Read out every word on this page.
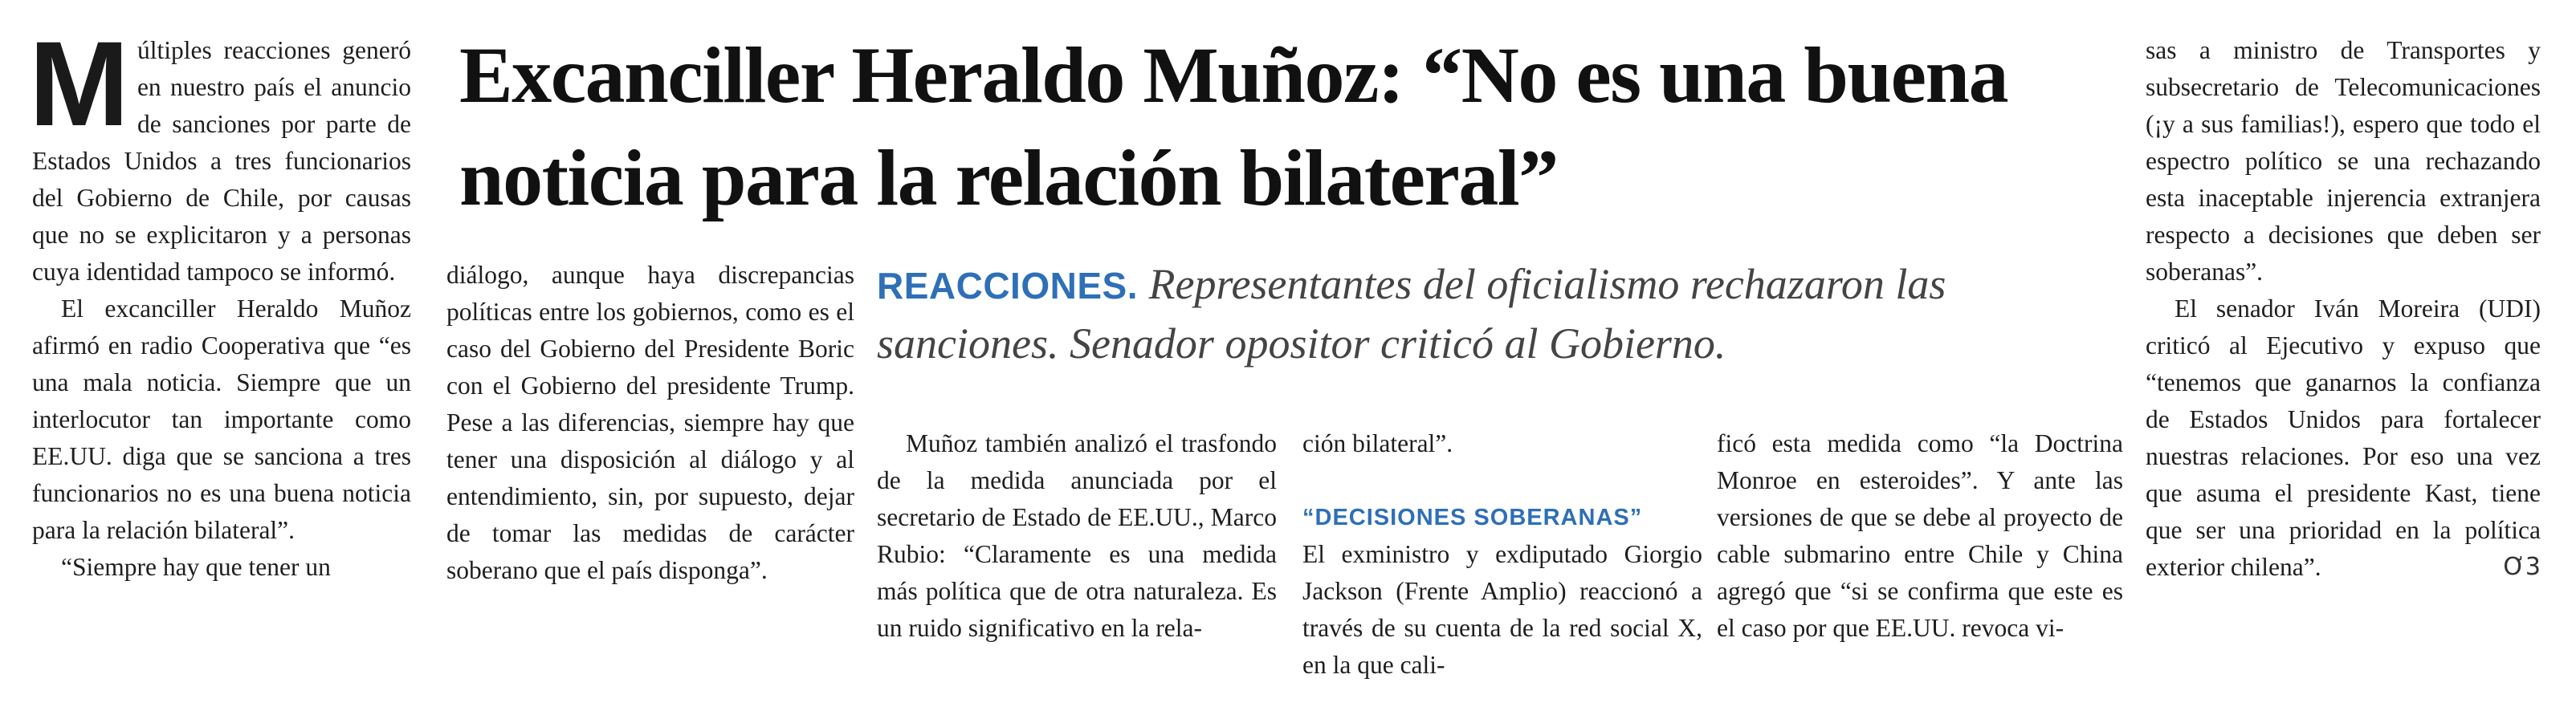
Múltiples reacciones generó en nuestro país el anuncio de sanciones por parte de Estados Unidos a tres funcionarios del Gobierno de Chile, por causas que no se explicitaron y a personas cuya identidad tampoco se informó.

El excanciller Heraldo Muñoz afirmó en radio Cooperativa que “es una mala noticia. Siempre que un interlocutor tan importante como EE.UU. diga que se sanciona a tres funcionarios no es una buena noticia para la relación bilateral”.

“Siempre hay que tener un

Excanciller Heraldo Muñoz: “No es una buena noticia para la relación bilateral”
REACCIONES. Representantes del oficialismo rechazaron las sanciones. Senador opositor criticó al Gobierno.

diálogo, aunque haya discrepancias políticas entre los gobiernos, como es el caso del Gobierno del Presidente Boric con el Gobierno del presidente Trump. Pese a las diferencias, siempre hay que tener una disposición al diálogo y al entendimiento, sin, por supuesto, dejar de tomar las medidas de carácter soberano que el país disponga”.

Muñoz también analizó el trasfondo de la medida anunciada por el secretario de Estado de EE.UU., Marco Rubio: “Claramente es una medida más política que de otra naturaleza. Es un ruido significativo en la rela-

ción bilateral”.

“DECISIONES SOBERANAS”

El exministro y exdiputado Giorgio Jackson (Frente Amplio) reaccionó a través de su cuenta de la red social X, en la que cali-

ficó esta medida como “la Doctrina Monroe en esteroides”. Y ante las versiones de que se debe al proyecto de cable submarino entre Chile y China agregó que “si se confirma que este es el caso por que EE.UU. revoca vi-

sas a ministro de Transportes y subsecretario de Telecomunicaciones (¡y a sus familias!), espero que todo el espectro político se una rechazando esta inaceptable injerencia extranjera respecto a decisiones que deben ser soberanas”.

El senador Iván Moreira (UDI) criticó al Ejecutivo y expuso que “tenemos que ganarnos la confianza de Estados Unidos para fortalecer nuestras relaciones. Por eso una vez que asuma el presidente Kast, tiene que ser una prioridad en la política exterior chilena”.	Ơ3
